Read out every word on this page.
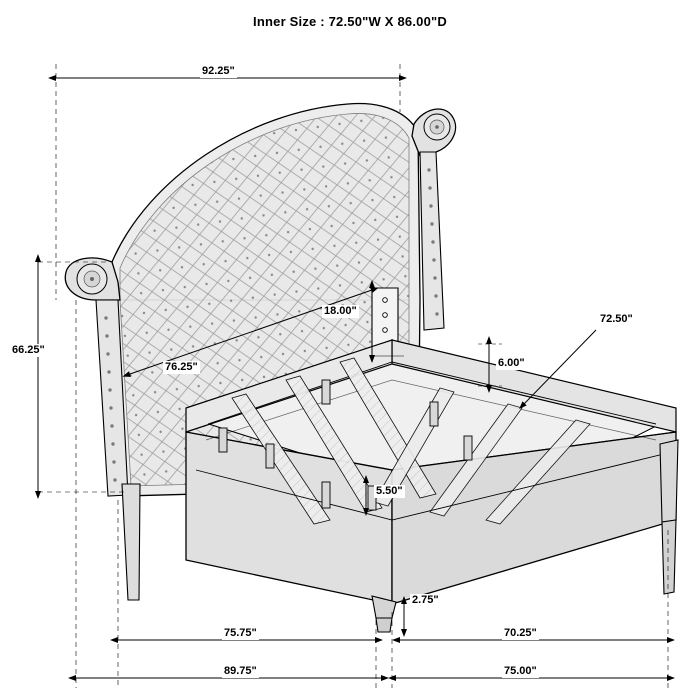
Inner Size : 72.50"W X 86.00"D
92.25"
66.25"
76.25"
18.00"
6.00"
72.50"
5.50"
2.75"
75.75"	70.25"
89.75"	75.00"
